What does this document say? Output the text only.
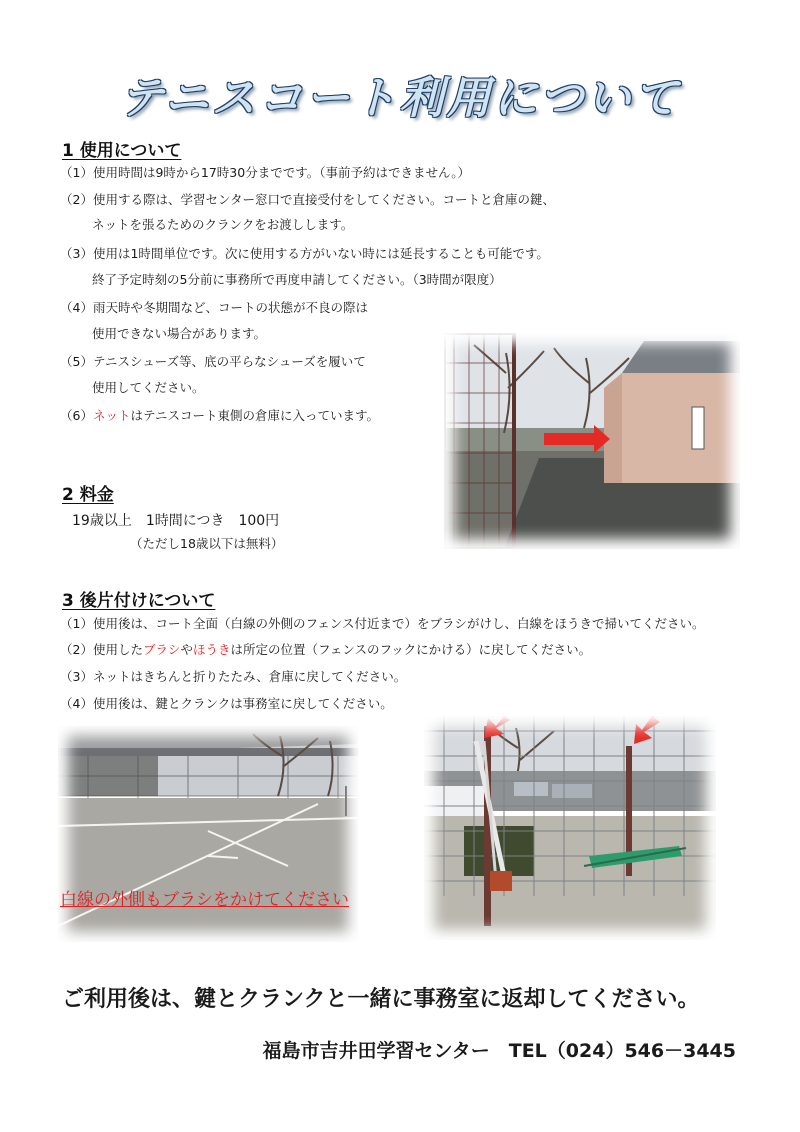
テニスコート利用について
1 使用について
（1）使用時間は9時から17時30分までです。（事前予約はできません。）
（2）使用する際は、学習センター窓口で直接受付をしてください。コートと倉庫の鍵、
ネットを張るためのクランクをお渡しします。
（3）使用は1時間単位です。次に使用する方がいない時には延長することも可能です。
終了予定時刻の5分前に事務所で再度申請してください。（3時間が限度）
（4）雨天時や冬期間など、コートの状態が不良の際は
使用できない場合があります。
（5）テニスシューズ等、底の平らなシューズを履いて
使用してください。
（6）ネットはテニスコート東側の倉庫に入っています。
2 料金
19歳以上　1時間につき　100円
（ただし18歳以下は無料）
3 後片付けについて
（1）使用後は、コート全面（白線の外側のフェンス付近まで）をブラシがけし、白線をほうきで掃いてください。
（2）使用したブラシやほうきは所定の位置（フェンスのフックにかける）に戻してください。
（3）ネットはきちんと折りたたみ、倉庫に戻してください。
（4）使用後は、鍵とクランクは事務室に戻してください。
白線の外側もブラシをかけてください
ご利用後は、鍵とクランクと一緒に事務室に返却してください。
福島市吉井田学習センター　TEL（024）546－3445
